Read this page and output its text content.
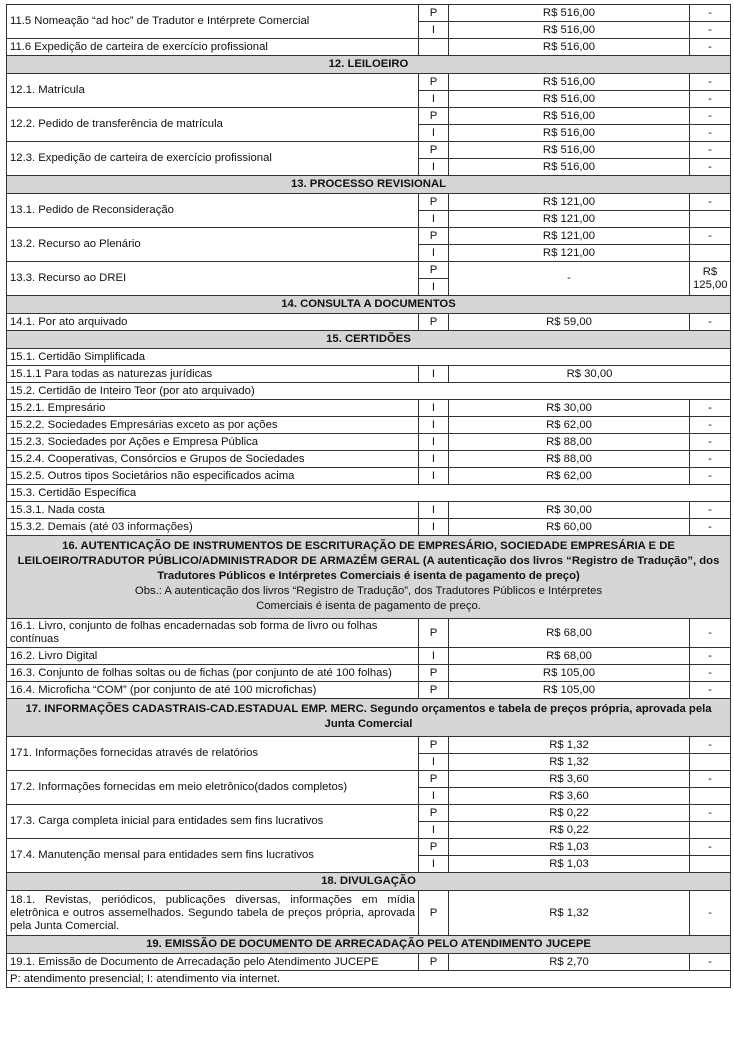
11.5 Nomeação “ad hoc” de Tradutor e Intérprete Comercial	P	R$ 516,00	-
	I	R$ 516,00	-
11.6 Expedição de carteira de exercício profissional		R$ 516,00	-
12. LEILOEIRO			
12.1. Matrícula	P	R$ 516,00	-
	I	R$ 516,00	-
12.2. Pedido de transferência de matrícula	P	R$ 516,00	-
	I	R$ 516,00	-
12.3. Expedição de carteira de exercício profissional	P	R$ 516,00	-
	I	R$ 516,00	-
13. PROCESSO REVISIONAL			
13.1. Pedido de Reconsideração	P	R$ 121,00	-
	I	R$ 121,00	
13.2. Recurso ao Plenário	P	R$ 121,00	-
	I	R$ 121,00	
13.3. Recurso ao DREI	P	-	R$ 125,00
	I		
14. CONSULTA A DOCUMENTOS			
14.1. Por ato arquivado	P	R$ 59,00	-
15. CERTIDÕES			
15.1. Certidão Simplificada			
15.1.1 Para todas as naturezas jurídicas	I	R$ 30,00	
15.2. Certidão de Inteiro Teor (por ato arquivado)			
15.2.1. Empresário	I	R$ 30,00	-
15.2.2. Sociedades Empresárias exceto as por ações	I	R$ 62,00	-
15.2.3. Sociedades por Ações e Empresa Pública	I	R$ 88,00	-
15.2.4. Cooperativas, Consórcios e Grupos de Sociedades	I	R$ 88,00	-
15.2.5. Outros tipos Societários não especificados acima	I	R$ 62,00	-
15.3. Certidão Específica			
15.3.1. Nada costa	I	R$ 30,00	-
15.3.2. Demais (até 03 informações)	I	R$ 60,00	-

16. AUTENTICAÇÃO DE INSTRUMENTOS DE ESCRITURAÇÃO DE EMPRESÁRIO, SOCIEDADE EMPRESÁRIA E DE LEILOEIRO/TRADUTOR PÚBLICO/ADMINISTRADOR DE ARMAZÉM GERAL (A autenticação dos livros “Registro de Tradução”, dos Tradutores Públicos e Intérpretes Comerciais é isenta de pagamento de preço)
Obs.: A autenticação dos livros “Registro de Tradução”, dos Tradutores Públicos e Intérpretes
Comerciais é isenta de pagamento de preço.			

16.1. Livro, conjunto de folhas encadernadas sob forma de livro ou folhas contínuas	P	R$ 68,00	-
16.2. Livro Digital	I	R$ 68,00	-
16.3. Conjunto de folhas soltas ou de fichas (por conjunto de até 100 folhas)	P	R$ 105,00	-
16.4. Microficha “COM” (por conjunto de até 100 microfichas)	P	R$ 105,00	-
17. INFORMAÇÕES CADASTRAIS-CAD.ESTADUAL EMP. MERC. Segundo orçamentos e tabela de preços própria, aprovada pela Junta Comercial			
171. Informações fornecidas através de relatórios	P	R$ 1,32	-
	I	R$ 1,32	
17.2. Informações fornecidas em meio eletrônico(dados completos)	P	R$ 3,60	-
	I	R$ 3,60	
17.3. Carga completa inicial para entidades sem fins lucrativos	P	R$ 0,22	-
	I	R$ 0,22	
17.4. Manutenção mensal para entidades sem fins lucrativos	P	R$ 1,03	-
	I	R$ 1,03	
18. DIVULGAÇÃO			
18.1. Revistas, periódicos, publicações diversas, informações em mídia eletrônica e outros assemelhados. Segundo tabela de preços própria, aprovada pela Junta Comercial.	P	R$ 1,32	-
19. EMISSÃO DE DOCUMENTO DE ARRECADAÇÃO PELO ATENDIMENTO JUCEPE			
19.1. Emissão de Documento de Arrecadação pelo Atendimento JUCEPE	P	R$ 2,70	-
P: atendimento presencial; I: atendimento via internet.			
